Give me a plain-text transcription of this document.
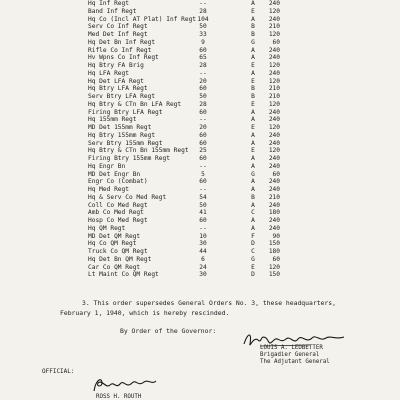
Hq Inf Regt	--	A	240
Band Inf Regt	28	E	120
Hq Co (Incl AT Plat) Inf Regt 104	A	240
Serv Co Inf Regt	50	B	210
Med Det Inf Regt	33	B	120
Hq Det Bn Inf Regt	9	G	60
Rifle Co Inf Regt	60	A	240
Hv Wpns Co Inf Regt	65	A	240
Hq Btry FA Brig	28	E	120
Hq LFA Regt	--	A	240
Hq Det LFA Regt	20	E	120
Hq Btry LFA Regt	60	B	210
Serv Btry LFA Regt	50	B	210
Hq Btry & CTn Bn LFA Regt	28	E	120
Firing Btry LFA Regt	60	A	240
Hq 155mm Regt	--	A	240
MD Det 155mm Regt	20	E	120
Hq Btry 155mm Regt	60	A	240
Serv Btry 155mm Regt	60	A	240
Hq Btry & CTn Bn 155mm Regt	25	E	120
Firing Btry 155mm Regt	60	A	240
Hq Engr Bn	--	A	240
MD Det Engr Bn	5	G	60
Engr Co (Combat)	60	A	240
Hq Med Regt	--	A	240
Hq & Serv Co Med Regt	54	B	210
Coll Co Med Regt	50	A	240
Amb Co Med Regt	41	C	180
Hosp Co Med Regt	60	A	240
Hq QM Regt	--	A	240
MD Det QM Regt	10	F	90
Hq Co QM Regt	30	D	150
Truck Co QM Regt	44	C	180
Hq Det Bn QM Regt	6	G	60
Car Co QM Regt	24	E	120
Lt Maint Co QM Regt	30	D	150
3. This order supersedes General Orders No. 3, these headquarters,
February 1, 1940, which is hereby rescinded.
By Order of the Governor:
LOUIS A. LEDBETTER
Brigadier General
The Adjutant General
OFFICIAL:
ROSS H. ROUTH
